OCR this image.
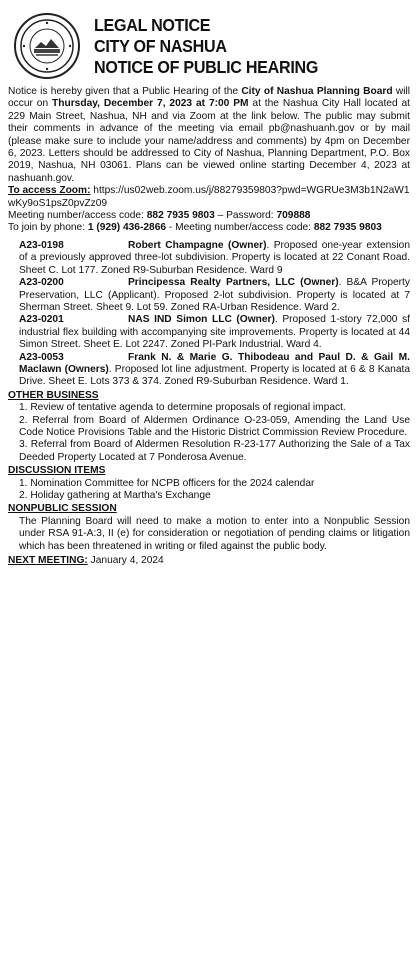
LEGAL NOTICE
CITY OF NASHUA
NOTICE OF PUBLIC HEARING

Notice is hereby given that a Public Hearing of the City of Nashua Planning Board will occur on Thursday, December 7, 2023 at 7:00 PM at the Nashua City Hall located at 229 Main Street, Nashua, NH and via Zoom at the link below. The public may submit their comments in advance of the meeting via email pb@nashuanh.gov or by mail (please make sure to include your name/address and comments) by 4pm on December 6, 2023. Letters should be addressed to City of Nashua, Planning Department, P.O. Box 2019, Nashua, NH 03061. Plans can be viewed online starting December 4, 2023 at nashuanh.gov.

To access Zoom: https://us02web.zoom.us/j/88279359803?pwd=WGRUe3M3b1N2aW1wKy9oS1psZ0pvZz09

Meeting number/access code: 882 7935 9803 – Password: 709888

To join by phone: 1 (929) 436-2866 - Meeting number/access code: 882 7935 9803

A23-0198	Robert Champagne (Owner). Proposed one-year extension of a previously approved three-lot subdivision. Property is located at 22 Conant Road. Sheet C. Lot 177. Zoned R9-Suburban Residence. Ward 9

A23-0200	Principessa Realty Partners, LLC (Owner). B&A Property Preservation, LLC (Applicant). Proposed 2-lot subdivision. Property is located at 7 Sherman Street. Sheet 9. Lot 59. Zoned RA-Urban Residence. Ward 2.

A23-0201	NAS IND Simon LLC (Owner). Proposed 1-story 72,000 sf industrial flex building with accompanying site improvements. Property is located at 44 Simon Street. Sheet E. Lot 2247. Zoned PI-Park Industrial. Ward 4.

A23-0053	Frank N. & Marie G. Thibodeau and Paul D. & Gail M. Maclawn (Owners). Proposed lot line adjustment. Property is located at 6 & 8 Kanata Drive. Sheet E. Lots 373 & 374. Zoned R9-Suburban Residence. Ward 1.

OTHER BUSINESS

1. Review of tentative agenda to determine proposals of regional impact.

2. Referral from Board of Aldermen Ordinance O-23-059, Amending the Land Use Code Notice Provisions Table and the Historic District Commission Review Procedure.

3. Referral from Board of Aldermen Resolution R-23-177 Authorizing the Sale of a Tax Deeded Property Located at 7 Ponderosa Avenue.

DISCUSSION ITEMS

1. Nomination Committee for NCPB officers for the 2024 calendar

2. Holiday gathering at Martha's Exchange

NONPUBLIC SESSION

The Planning Board will need to make a motion to enter into a Nonpublic Session under RSA 91-A:3, II (e) for consideration or negotiation of pending claims or litigation which has been threatened in writing or filed against the public body.

NEXT MEETING: January 4, 2024
